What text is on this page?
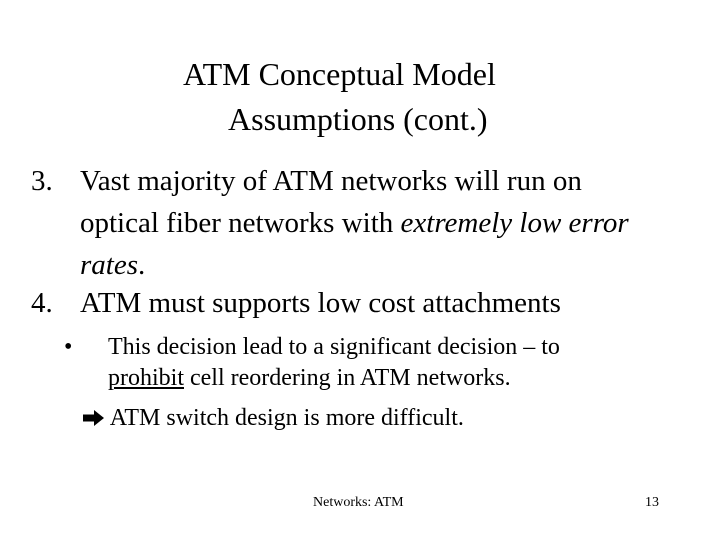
ATM Conceptual Model
Assumptions (cont.)
3. Vast majority of ATM networks will run on
optical fiber networks with extremely low error
rates.
4. ATM must supports low cost attachments
• This decision lead to a significant decision – to
prohibit cell reordering in ATM networks.
ATM switch design is more difficult.
Networks: ATM	13
